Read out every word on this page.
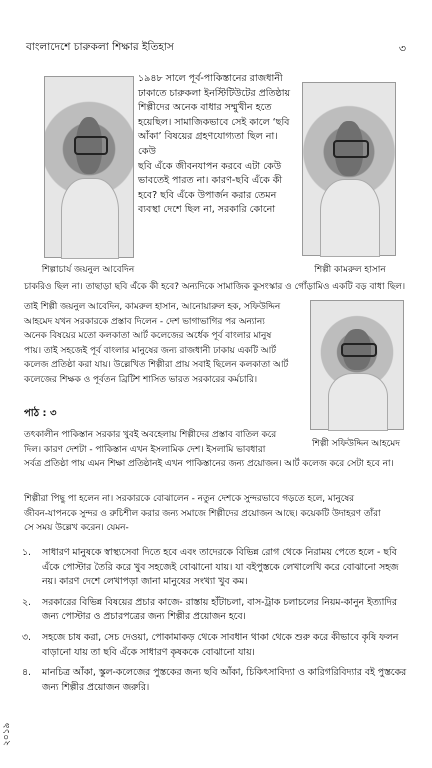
বাংলাদেশে চারুকলা শিক্ষার ইতিহাস	৩
শিল্পাচার্য জয়নুল আবেদিন	শিল্পী কামরুল হাসান

১৯৪৮ সালে পূর্ব-পাকিস্তানের রাজধানী

ঢাকাতে চারুকলা ইনস্টিটিউটের প্রতিষ্ঠায়

শিল্পীদের অনেক বাধার সম্মুখীন হতে

হয়েছিল। সামাজিকভাবে সেই কালে ‘ছবি

আঁকা’ বিষয়ের গ্রহণযোগ্যতা ছিল না। কেউ

ছবি এঁকে জীবনযাপন করবে এটা কেউ

ভাবতেই পারত না। কারণ-ছবি এঁকে কী

হবে? ছবি এঁকে উপার্জন করার তেমন

ব্যবস্থা দেশে ছিল না, সরকারি কোনো

চাকরিও ছিল না। তাছাড়া ছবি এঁকে কী হবে? অন্যদিকে সামাজিক কুসংস্কার ও গোঁড়ামিও একটি বড় বাধা ছিল।
শিল্পী সফিউদ্দিন আহমেদ

তাই শিল্পী জয়নুল আবেদিন, কামরুল হাসান, আনোয়ারুল হক, সফিউদ্দিন

আহমেদ যখন সরকারকে প্রস্তাব দিলেন - দেশ ভাগাভাগির পর অন্যান্য

অনেক বিষয়ের মতো কলকাতা আর্ট কলেজের অর্ধেক পূর্ব বাংলার মানুষ

পায়। তাই সহজেই পূর্ব বাংলার মানুষের জন্য রাজধানী ঢাকায় একটি আর্ট

কলেজ প্রতিষ্ঠা করা যায়। উল্লেখিত শিল্পীরা প্রায় সবাই ছিলেন কলকাতা আর্ট

কলেজের শিক্ষক ও পূর্বতন ব্রিটিশ শাসিত ভারত সরকারের কর্মচারি।

পাঠ : ৩

তৎকালীন পাকিস্তান সরকার খুবই অবহেলায় শিল্পীদের প্রস্তাব বাতিল করে

দিল। কারণ দেশটা - পাকিস্তান এখন ইসলামিক দেশ। ইসলামি ভাবধারা

সর্বত্র প্রতিষ্ঠা পায় এমন শিক্ষা প্রতিষ্ঠানই এখন পাকিস্তানের জন্য প্রয়োজন। আর্ট কলেজ করে সেটা হবে না।

শিল্পীরা পিছু পা হলেন না। সরকারকে বোঝালেন - নতুন দেশকে সুন্দরভাবে গড়তে হলে, মানুষের

জীবন-যাপনকে সুন্দর ও রুচিশীল করার জন্য সমাজে শিল্পীদের প্রয়োজন আছে। কয়েকটি উদাহরণ তাঁরা

সে সময় উল্লেখ করেন। যেমন-

১. সাধারণ মানুষকে স্বাস্থ্যসেবা দিতে হবে এবং তাদেরকে বিভিন্ন রোগ থেকে নিরাময় পেতে হলে - ছবি এঁকে পোস্টার তৈরি করে খুব সহজেই বোঝানো যায়। যা বইপুস্তকে লেখালেখি করে বোঝানো সহজ নয়। কারণ দেশে লেখাপড়া জানা মানুষের সংখ্যা খুব কম।
২. সরকারের বিভিন্ন বিষয়ের প্রচার কাজে- রাস্তায় হাঁটাচলা, বাস-ট্রাক চলাচলের নিয়ম-কানুন ইত্যাদির জন্য পোস্টার ও প্রচারপত্রের জন্য শিল্পীর প্রয়োজন হবে।
৩. সহজে চাষ করা, সেচ দেওয়া, পোকামাকড় থেকে সাবধান থাকা থেকে শুরু করে কীভাবে কৃষি ফলন বাড়ানো যায় তা ছবি এঁকে সাধারণ কৃষককে বোঝানো যায়।
৪. মানচিত্র আঁকা, স্কুল-কলেজের পুস্তকের জন্য ছবি আঁকা, চিকিৎসাবিদ্যা ও কারিগরিবিদ্যার বই পুস্তকের জন্য শিল্পীর প্রয়োজন জরুরি।
২০১৯
